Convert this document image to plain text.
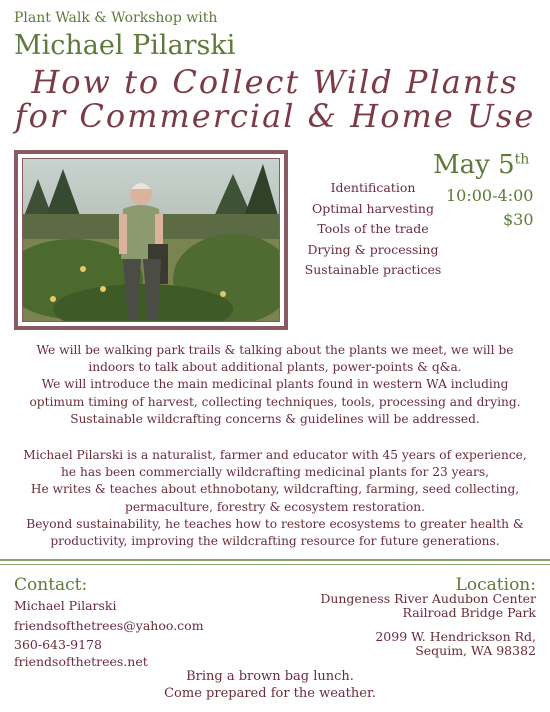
Plant Walk & Workshop with
Michael Pilarski
How to Collect Wild Plants
for Commercial & Home Use
Identification
Optimal harvesting
Tools of the trade
Drying & processing
Sustainable practices
May 5th
10:00-4:00
$30
We will be walking park trails & talking about the plants we meet, we will be
indoors to talk about additional plants, power-points & q&a.
We will introduce the main medicinal plants found in western WA including
optimum timing of harvest, collecting techniques, tools, processing and drying.
Sustainable wildcrafting concerns & guidelines will be addressed.
Michael Pilarski is a naturalist, farmer and educator with 45 years of experience,
he has been commercially wildcrafting medicinal plants for 23 years,
He writes & teaches about ethnobotany, wildcrafting, farming, seed collecting,
permaculture, forestry & ecosystem restoration.
Beyond sustainability, he teaches how to restore ecosystems to greater health &
productivity, improving the wildcrafting resource for future generations.
Contact:
Michael Pilarski
friendsofthetrees@yahoo.com
360-643-9178
friendsofthetrees.net
Location:
Dungeness River Audubon Center
Railroad Bridge Park
2099 W. Hendrickson Rd,
Sequim, WA 98382
Bring a brown bag lunch.
Come prepared for the weather.
